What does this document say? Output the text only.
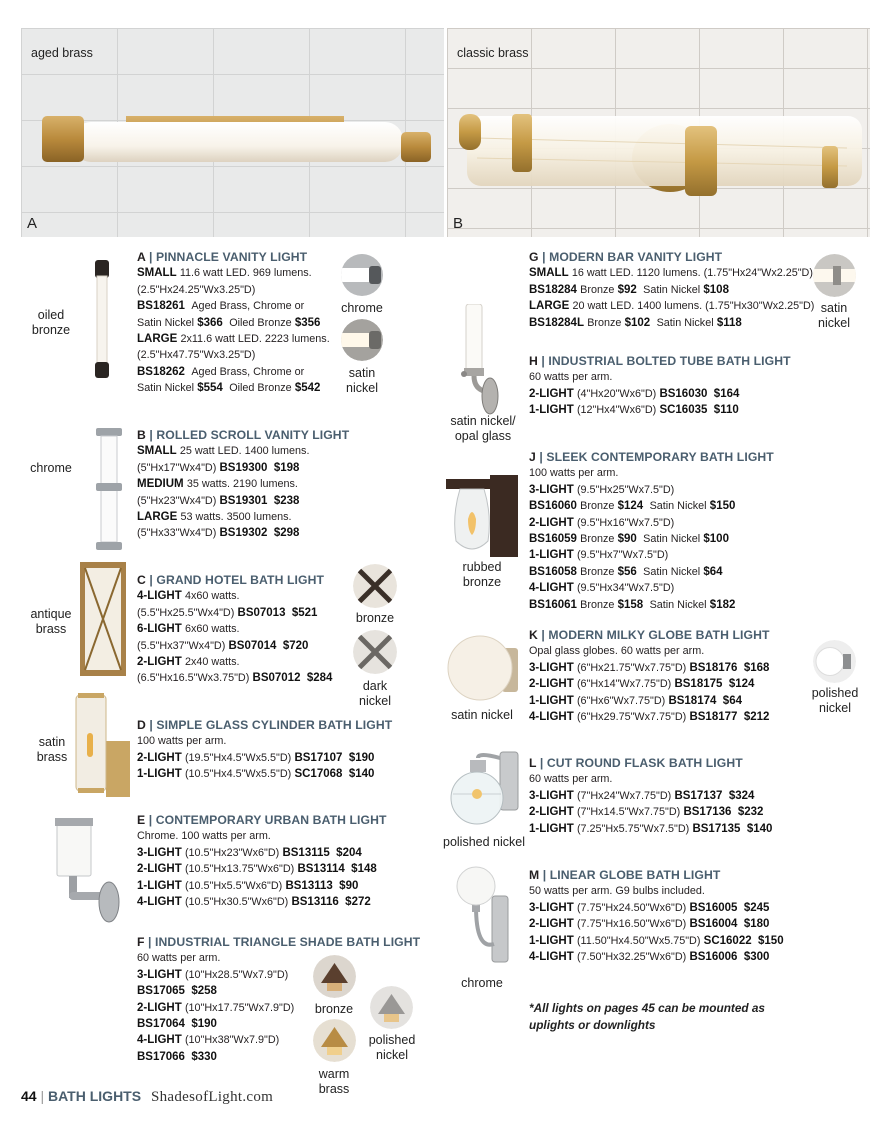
aged brass
A
classic brass
B
oiled
bronze
chrome
satin
nickel
chrome
antique
brass
bronze
dark
nickel
satin
brass
bronze
polished
nickel
warm
brass
A | PINNACLE VANITY LIGHT
SMALL 11.6 watt LED. 969 lumens.
(2.5"Hx24.25"Wx3.25"D)
BS18261 Aged Brass, Chrome or
Satin Nickel $366 Oiled Bronze $356
LARGE 2x11.6 watt LED. 2223 lumens.
(2.5"Hx47.75"Wx3.25"D)
BS18262 Aged Brass, Chrome or
Satin Nickel $554 Oiled Bronze $542
B | ROLLED SCROLL VANITY LIGHT
SMALL 25 watt LED. 1400 lumens.
(5"Hx17"Wx4"D) BS19300 $198
MEDIUM 35 watts. 2190 lumens.
(5"Hx23"Wx4"D) BS19301 $238
LARGE 53 watts. 3500 lumens.
(5"Hx33"Wx4"D) BS19302 $298
C | GRAND HOTEL BATH LIGHT
4-LIGHT 4x60 watts.
(5.5"Hx25.5"Wx4"D) BS07013 $521
6-LIGHT 6x60 watts.
(5.5"Hx37"Wx4"D) BS07014 $720
2-LIGHT 2x40 watts.
(6.5"Hx16.5"Wx3.75"D) BS07012 $284
D | SIMPLE GLASS CYLINDER BATH LIGHT
100 watts per arm.
2-LIGHT (19.5"Hx4.5"Wx5.5"D) BS17107 $190
1-LIGHT (10.5"Hx4.5"Wx5.5"D) SC17068 $140
E | CONTEMPORARY URBAN BATH LIGHT
Chrome. 100 watts per arm.
3-LIGHT (10.5"Hx23"Wx6"D) BS13115 $204
2-LIGHT (10.5"Hx13.75"Wx6"D) BS13114 $148
1-LIGHT (10.5"Hx5.5"Wx6"D) BS13113 $90
4-LIGHT (10.5"Hx30.5"Wx6"D) BS13116 $272
F | INDUSTRIAL TRIANGLE SHADE BATH LIGHT
60 watts per arm.
3-LIGHT (10"Hx28.5"Wx7.9"D)
BS17065 $258
2-LIGHT (10"Hx17.75"Wx7.9"D)
BS17064 $190
4-LIGHT (10"Hx38"Wx7.9"D)
BS17066 $330
satin
nickel
satin nickel/
opal glass
rubbed
bronze
satin nickel
polished
nickel
polished nickel
chrome
G | MODERN BAR VANITY LIGHT
SMALL 16 watt LED. 1120 lumens. (1.75"Hx24"Wx2.25"D)
BS18284 Bronze $92 Satin Nickel $108
LARGE 20 watt LED. 1400 lumens. (1.75"Hx30"Wx2.25"D)
BS18284L Bronze $102 Satin Nickel $118
H | INDUSTRIAL BOLTED TUBE BATH LIGHT
60 watts per arm.
2-LIGHT (4"Hx20"Wx6"D) BS16030 $164
1-LIGHT (12"Hx4"Wx6"D) SC16035 $110
J | SLEEK CONTEMPORARY BATH LIGHT
100 watts per arm.
3-LIGHT (9.5"Hx25"Wx7.5"D)
BS16060 Bronze $124 Satin Nickel $150
2-LIGHT (9.5"Hx16"Wx7.5"D)
BS16059 Bronze $90 Satin Nickel $100
1-LIGHT (9.5"Hx7"Wx7.5"D)
BS16058 Bronze $56 Satin Nickel $64
4-LIGHT (9.5"Hx34"Wx7.5"D)
BS16061 Bronze $158 Satin Nickel $182
K | MODERN MILKY GLOBE BATH LIGHT
Opal glass globes. 60 watts per arm.
3-LIGHT (6"Hx21.75"Wx7.75"D) BS18176 $168
2-LIGHT (6"Hx14"Wx7.75"D) BS18175 $124
1-LIGHT (6"Hx6"Wx7.75"D) BS18174 $64
4-LIGHT (6"Hx29.75"Wx7.75"D) BS18177 $212
L | CUT ROUND FLASK BATH LIGHT
60 watts per arm.
3-LIGHT (7"Hx24"Wx7.75"D) BS17137 $324
2-LIGHT (7"Hx14.5"Wx7.75"D) BS17136 $232
1-LIGHT (7.25"Hx5.75"Wx7.5"D) BS17135 $140
M | LINEAR GLOBE BATH LIGHT
50 watts per arm. G9 bulbs included.
3-LIGHT (7.75"Hx24.50"Wx6"D) BS16005 $245
2-LIGHT (7.75"Hx16.50"Wx6"D) BS16004 $180
1-LIGHT (11.50"Hx4.50"Wx5.75"D) SC16022 $150
4-LIGHT (7.50"Hx32.25"Wx6"D) BS16006 $300
*All lights on pages 45 can be mounted as
uplights or downlights
44 | BATH LIGHTS ShadesofLight.com
